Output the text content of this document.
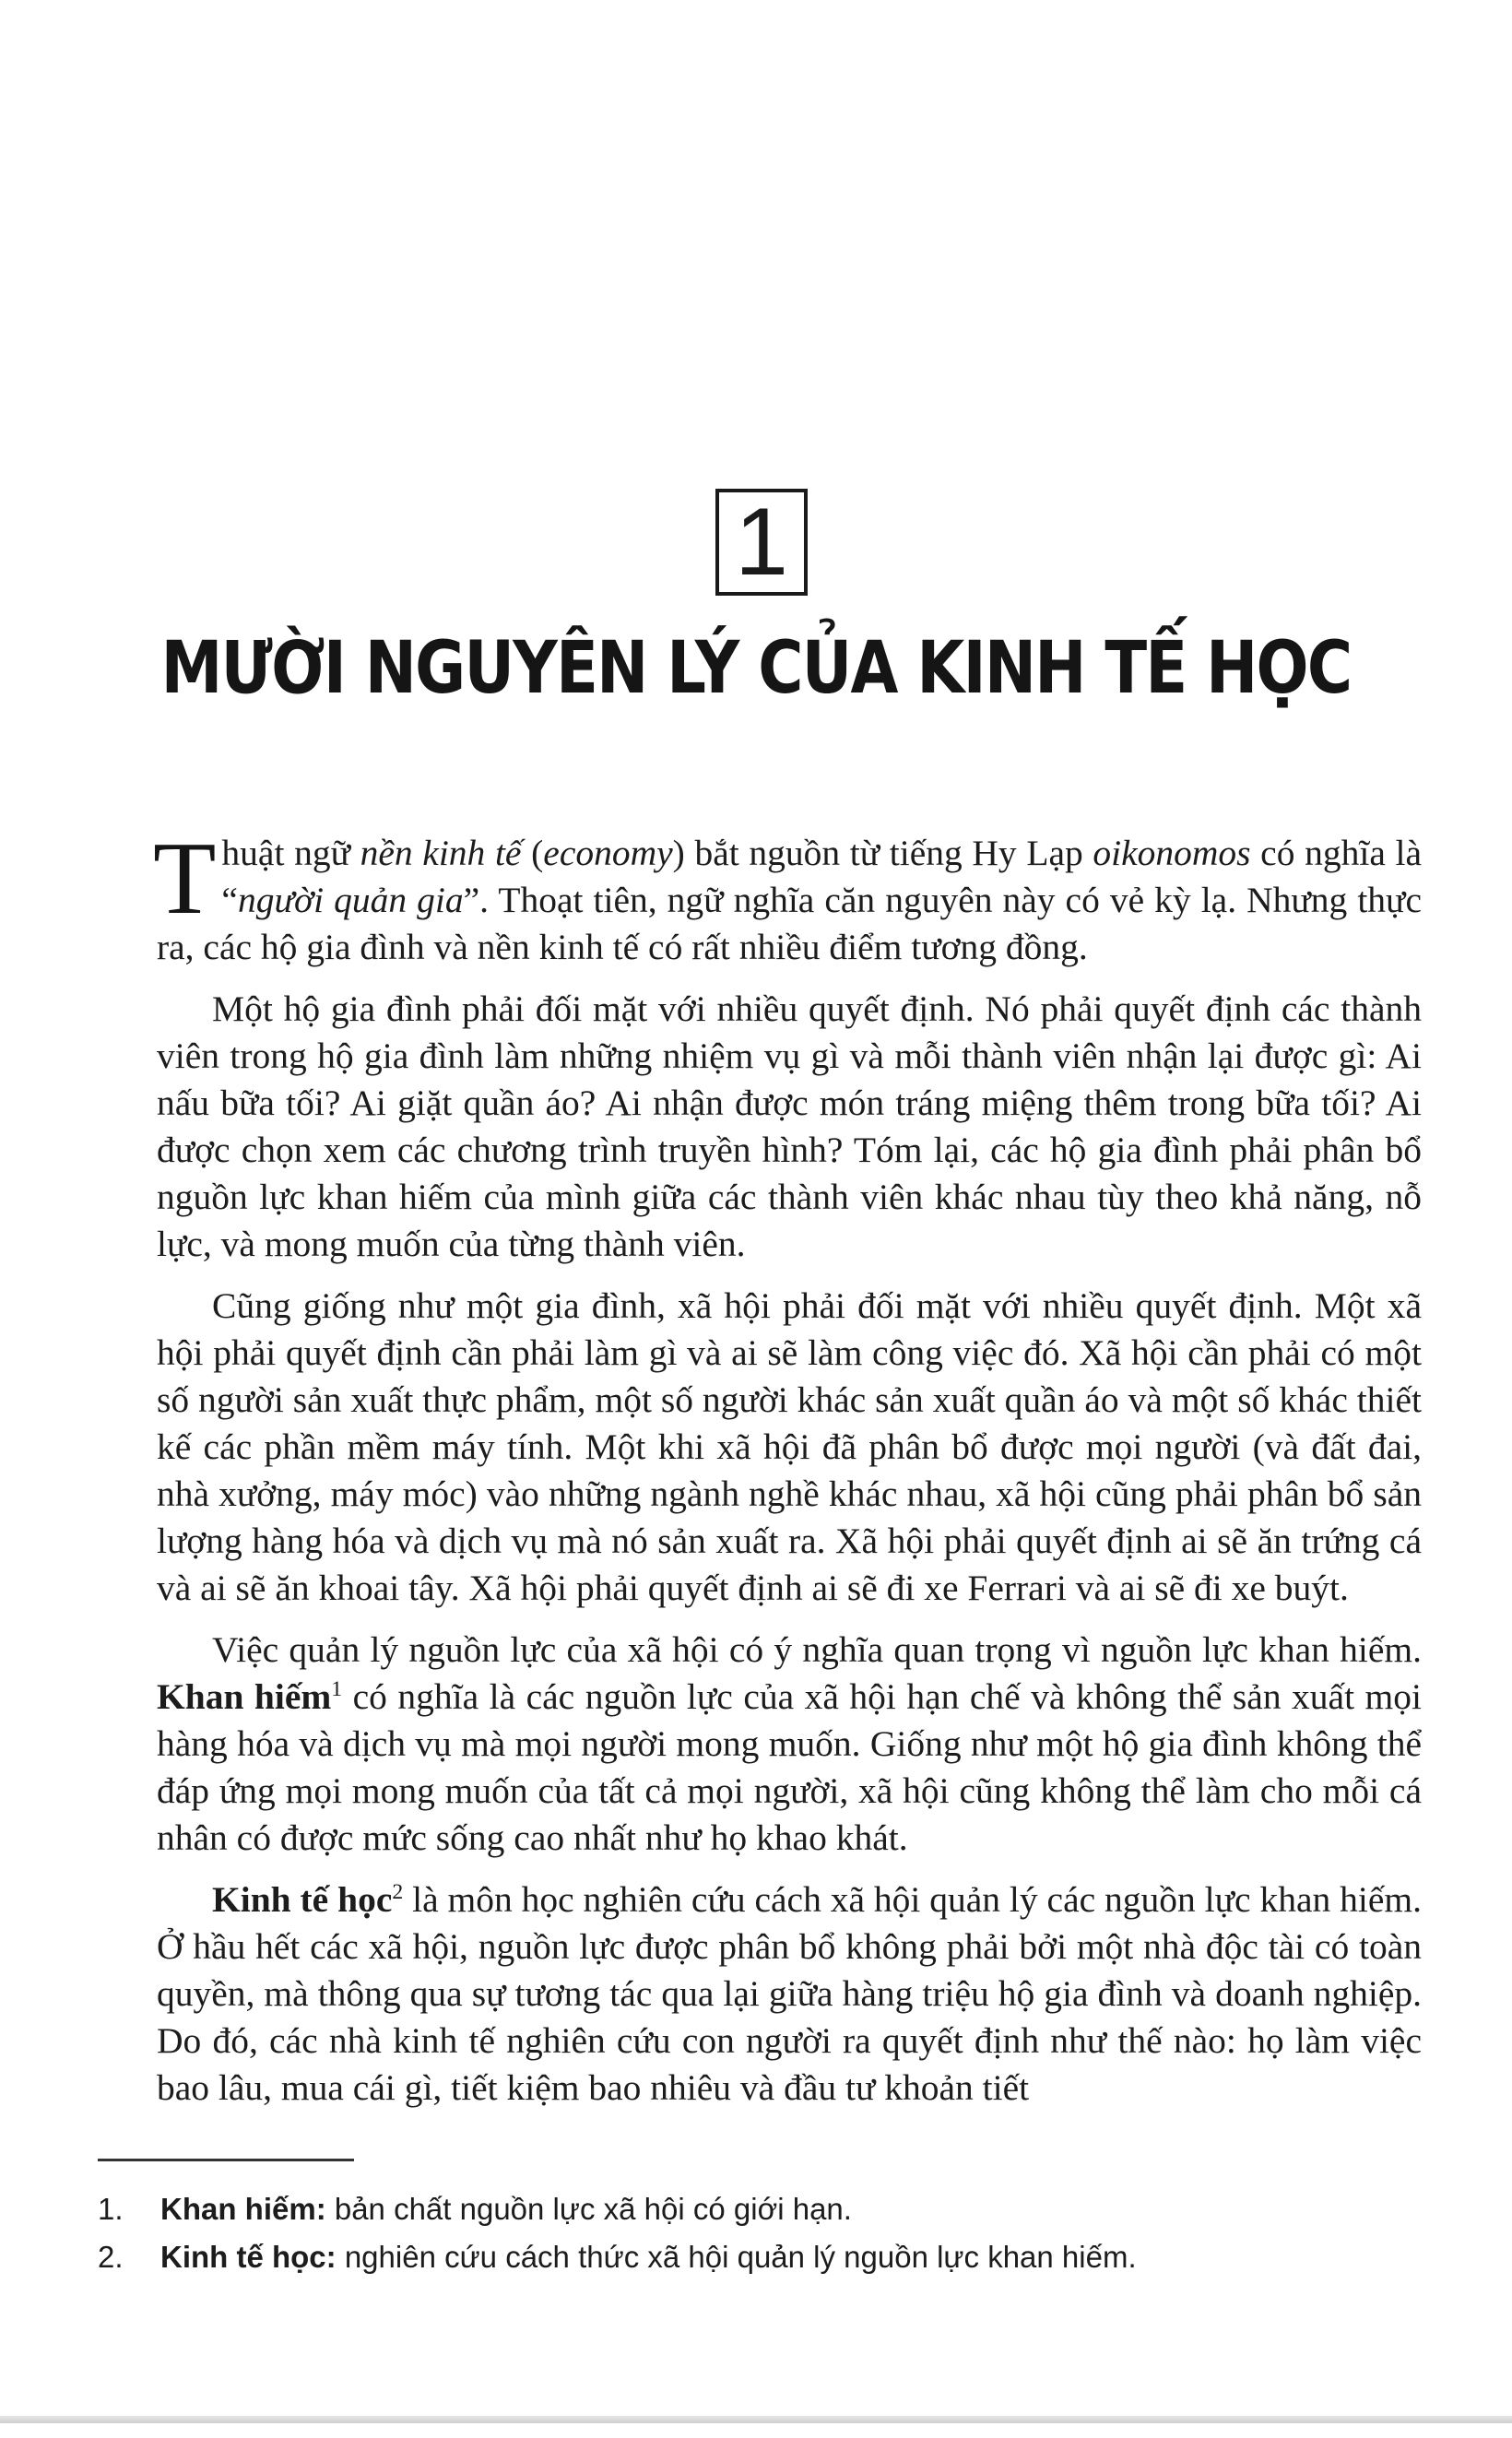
1
MƯỜI NGUYÊN LÝ CỦA KINH TẾ HỌC

Thuật ngữ nền kinh tế (economy) bắt nguồn từ tiếng Hy Lạp oikonomos có nghĩa là “người quản gia”. Thoạt tiên, ngữ nghĩa căn nguyên này có vẻ kỳ lạ. Nhưng thực ra, các hộ gia đình và nền kinh tế có rất nhiều điểm tương đồng.

Một hộ gia đình phải đối mặt với nhiều quyết định. Nó phải quyết định các thành viên trong hộ gia đình làm những nhiệm vụ gì và mỗi thành viên nhận lại được gì: Ai nấu bữa tối? Ai giặt quần áo? Ai nhận được món tráng miệng thêm trong bữa tối? Ai được chọn xem các chương trình truyền hình? Tóm lại, các hộ gia đình phải phân bổ nguồn lực khan hiếm của mình giữa các thành viên khác nhau tùy theo khả năng, nỗ lực, và mong muốn của từng thành viên.

Cũng giống như một gia đình, xã hội phải đối mặt với nhiều quyết định. Một xã hội phải quyết định cần phải làm gì và ai sẽ làm công việc đó. Xã hội cần phải có một số người sản xuất thực phẩm, một số người khác sản xuất quần áo và một số khác thiết kế các phần mềm máy tính. Một khi xã hội đã phân bổ được mọi người (và đất đai, nhà xưởng, máy móc) vào những ngành nghề khác nhau, xã hội cũng phải phân bổ sản lượng hàng hóa và dịch vụ mà nó sản xuất ra. Xã hội phải quyết định ai sẽ ăn trứng cá và ai sẽ ăn khoai tây. Xã hội phải quyết định ai sẽ đi xe Ferrari và ai sẽ đi xe buýt.

Việc quản lý nguồn lực của xã hội có ý nghĩa quan trọng vì nguồn lực khan hiếm. Khan hiếm$^1$ có nghĩa là các nguồn lực của xã hội hạn chế và không thể sản xuất mọi hàng hóa và dịch vụ mà mọi người mong muốn. Giống như một hộ gia đình không thể đáp ứng mọi mong muốn của tất cả mọi người, xã hội cũng không thể làm cho mỗi cá nhân có được mức sống cao nhất như họ khao khát.

Kinh tế học$^2$ là môn học nghiên cứu cách xã hội quản lý các nguồn lực khan hiếm. Ở hầu hết các xã hội, nguồn lực được phân bổ không phải bởi một nhà độc tài có toàn quyền, mà thông qua sự tương tác qua lại giữa hàng triệu hộ gia đình và doanh nghiệp. Do đó, các nhà kinh tế nghiên cứu con người ra quyết định như thế nào: họ làm việc bao lâu, mua cái gì, tiết kiệm bao nhiêu và đầu tư khoản tiết

1.	Khan hiếm: bản chất nguồn lực xã hội có giới hạn.
2.	Kinh tế học: nghiên cứu cách thức xã hội quản lý nguồn lực khan hiếm.
